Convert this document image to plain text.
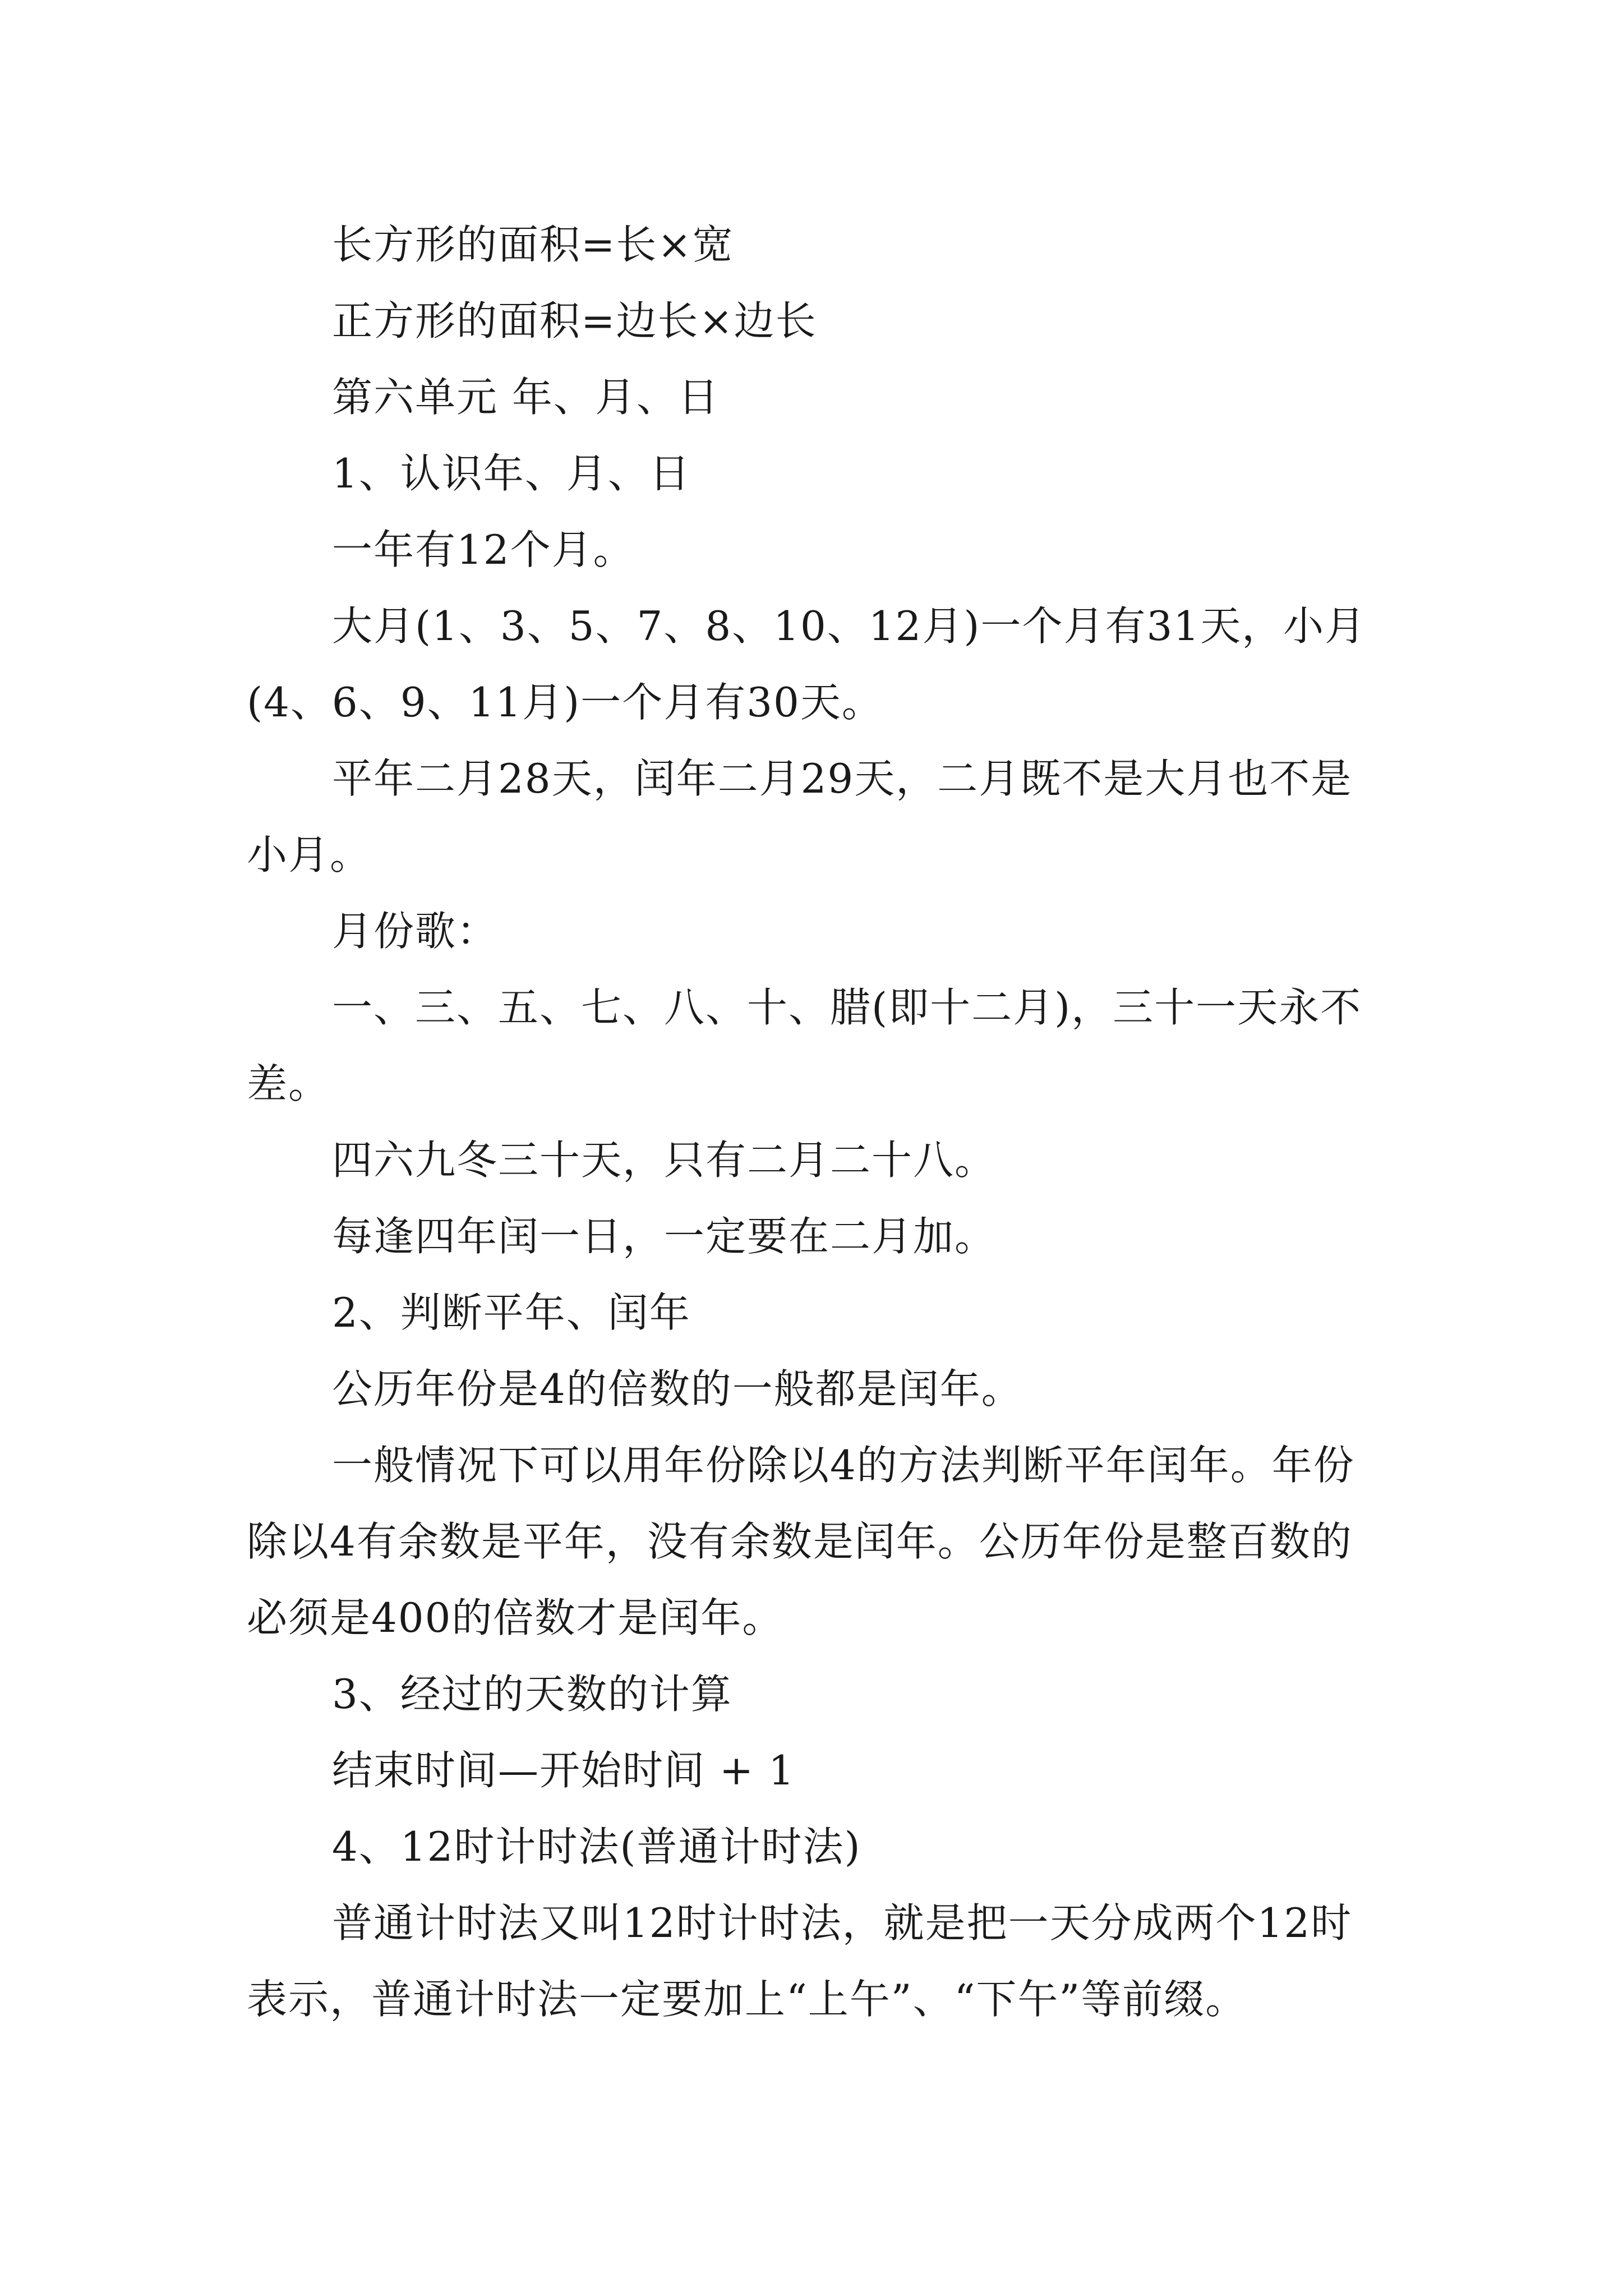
长方形的面积=长×宽

正方形的面积=边长×边长

第六单元 年、月、日

1、认识年、月、日

一年有12个月。

大月(1、3、5、7、8、10、12月)一个月有31天，小月(4、6、9、11月)一个月有30天。

平年二月28天，闰年二月29天，二月既不是大月也不是小月。

月份歌：

一、三、五、七、八、十、腊(即十二月)，三十一天永不差。

四六九冬三十天，只有二月二十八。

每逢四年闰一日，一定要在二月加。

2、判断平年、闰年

公历年份是4的倍数的一般都是闰年。

一般情况下可以用年份除以4的方法判断平年闰年。年份除以4有余数是平年，没有余数是闰年。公历年份是整百数的必须是400的倍数才是闰年。

3、经过的天数的计算

结束时间—开始时间 + 1

4、12时计时法(普通计时法)

普通计时法又叫12时计时法，就是把一天分成两个12时表示，普通计时法一定要加上“上午”、“下午”等前缀。
